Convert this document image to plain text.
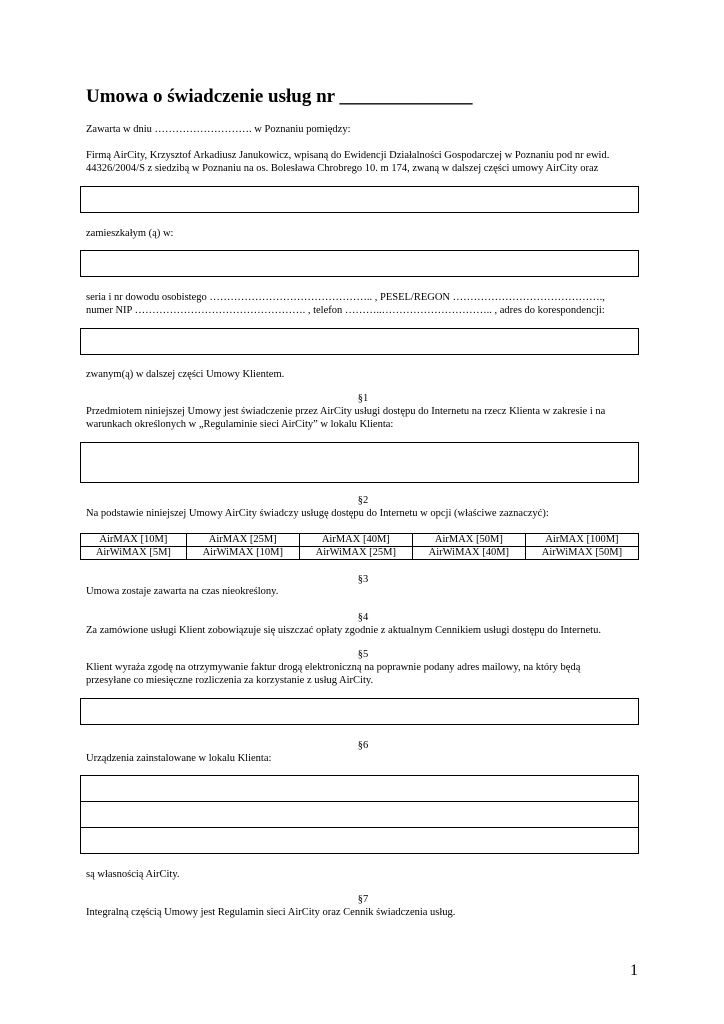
Umowa o świadczenie usług nr ______________
Zawarta w dniu ………………………. w Poznaniu pomiędzy:
Firmą AirCity, Krzysztof Arkadiusz Janukowicz, wpisaną do Ewidencji Działalności Gospodarczej w Poznaniu pod nr ewid.
44326/2004/S z siedzibą w Poznaniu na os. Bolesława Chrobrego 10. m 174, zwaną w dalszej części umowy AirCity oraz
zamieszkałym (ą) w:
seria i nr dowodu osobistego ……………………………………….. , PESEL/REGON …………………………………….,
numer NIP …………………………………………. , telefon ………..………………………….. , adres do korespondencji:
zwanym(ą) w dalszej części Umowy Klientem.
§1
Przedmiotem niniejszej Umowy jest świadczenie przez AirCity usługi dostępu do Internetu na rzecz Klienta w zakresie i na
warunkach określonych w „Regulaminie sieci AirCity” w lokalu Klienta:
§2
Na podstawie niniejszej Umowy AirCity świadczy usługę dostępu do Internetu w opcji (właściwe zaznaczyć):
AirMAX [10M]	AirMAX [25M]	AirMAX [40M]	AirMAX [50M]	AirMAX [100M]
AirWiMAX [5M]	AirWiMAX [10M]	AirWiMAX [25M]	AirWiMAX [40M]	AirWiMAX [50M]
§3
Umowa zostaje zawarta na czas nieokreślony.
§4
Za zamówione usługi Klient zobowiązuje się uiszczać opłaty zgodnie z aktualnym Cennikiem usługi dostępu do Internetu.
§5
Klient wyraża zgodę na otrzymywanie faktur drogą elektroniczną na poprawnie podany adres mailowy, na który będą
przesyłane co miesięczne rozliczenia za korzystanie z usług AirCity.
§6
Urządzenia zainstalowane w lokalu Klienta:

są własnością AirCity.
§7
Integralną częścią Umowy jest Regulamin sieci AirCity oraz Cennik świadczenia usług.
1
